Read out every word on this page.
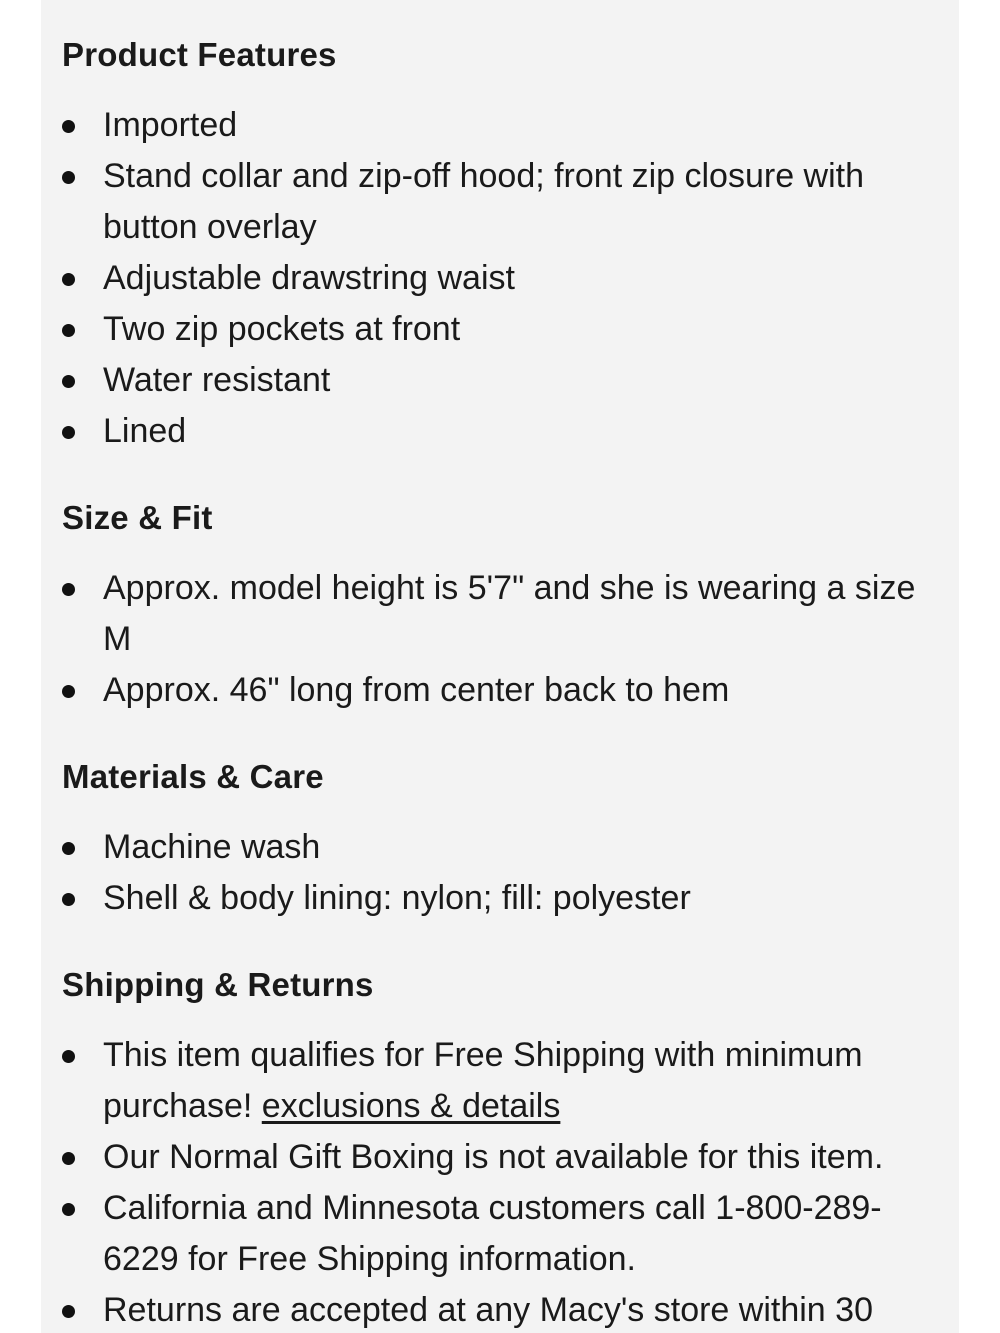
Product Features
Imported
Stand collar and zip-off hood; front zip closure with button overlay
Adjustable drawstring waist
Two zip pockets at front
Water resistant
Lined
Size & Fit
Approx. model height is 5'7" and she is wearing a size M
Approx. 46" long from center back to hem
Materials & Care
Machine wash
Shell & body lining: nylon; fill: polyester
Shipping & Returns
This item qualifies for Free Shipping with minimum purchase! exclusions & details
Our Normal Gift Boxing is not available for this item.
California and Minnesota customers call 1-800-289-6229 for Free Shipping information.
Returns are accepted at any Macy's store within 30
